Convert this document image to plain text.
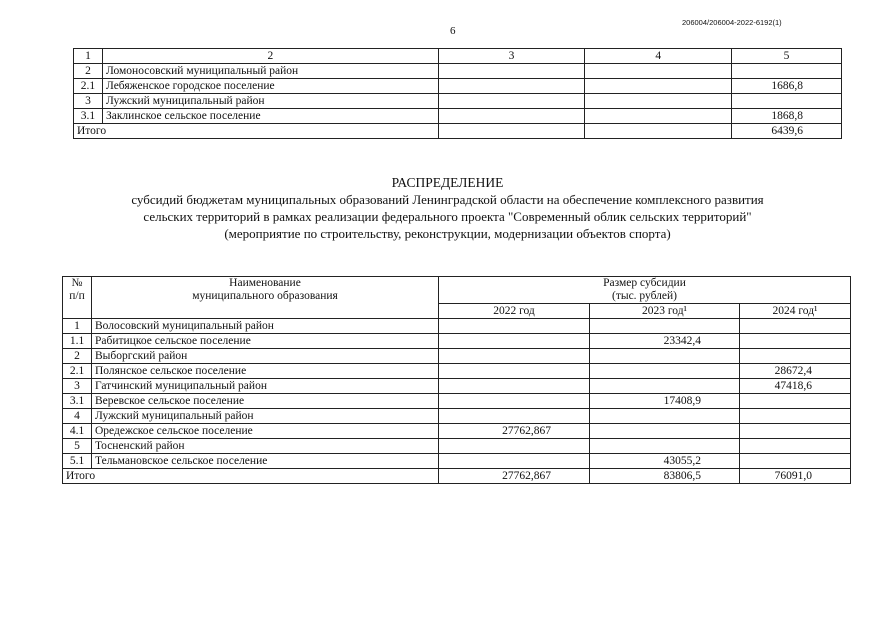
6
206004/206004-2022-6192(1)
1	2	3	4	5
2	Ломоносовский муниципальный район			
2.1	Лебяженское городское поселение			1686,8
3	Лужский муниципальный район			
3.1	Заклинское сельское поселение			1868,8
Итого				6439,6
РАСПРЕДЕЛЕНИЕ
субсидий бюджетам муниципальных образований Ленинградской области на обеспечение комплексного развития
сельских территорий в рамках реализации федерального проекта "Современный облик сельских территорий"
(мероприятие по строительству, реконструкции, модернизации объектов спорта)
№
п/п	Наименование
муниципального образования	Размер субсидии
(тыс. рублей)		
		2022 год	2023 год¹	2024 год¹
1	Волосовский муниципальный район			
1.1	Рабитицкое сельское поселение		23342,4	
2	Выборгский район			
2.1	Полянское сельское поселение			28672,4
3	Гатчинский муниципальный район			47418,6
3.1	Веревское сельское поселение		17408,9	
4	Лужский муниципальный район			
4.1	Оредежское сельское поселение	27762,867		
5	Тосненский район			
5.1	Тельмановское сельское поселение		43055,2	
Итого		27762,867	83806,5	76091,0
